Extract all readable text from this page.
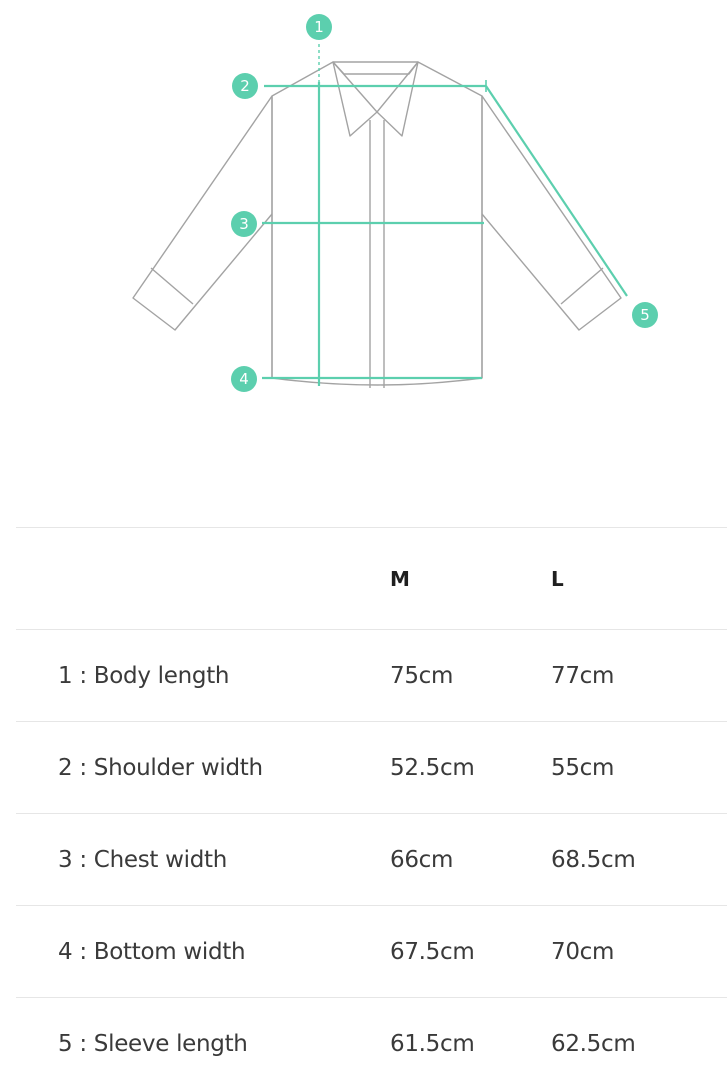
1
2
3
4
5
	M	L
1 : Body length	75cm	77cm
2 : Shoulder width	52.5cm	55cm
3 : Chest width	66cm	68.5cm
4 : Bottom width	67.5cm	70cm
5 : Sleeve length	61.5cm	62.5cm
